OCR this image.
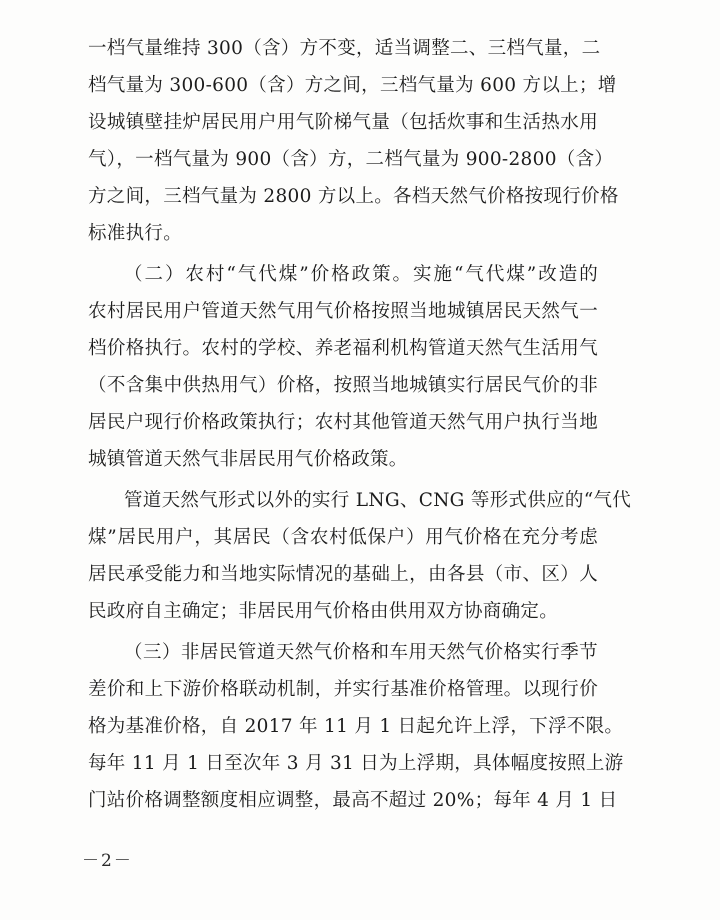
一档气量维持 300（含）方不变，适当调整二、三档气量，二
档气量为 300-600（含）方之间，三档气量为 600 方以上；增
设城镇壁挂炉居民用户用气阶梯气量（包括炊事和生活热水用
气），一档气量为 900（含）方，二档气量为 900-2800（含）
方之间，三档气量为 2800 方以上。各档天然气价格按现行价格
标准执行。
（二）农村“气代煤”价格政策。实施“气代煤”改造的
农村居民用户管道天然气用气价格按照当地城镇居民天然气一
档价格执行。农村的学校、养老福利机构管道天然气生活用气
（不含集中供热用气）价格，按照当地城镇实行居民气价的非
居民户现行价格政策执行；农村其他管道天然气用户执行当地
城镇管道天然气非居民用气价格政策。
管道天然气形式以外的实行 LNG、CNG 等形式供应的“气代
煤”居民用户，其居民（含农村低保户）用气价格在充分考虑
居民承受能力和当地实际情况的基础上，由各县（市、区）人
民政府自主确定；非居民用气价格由供用双方协商确定。
（三）非居民管道天然气价格和车用天然气价格实行季节
差价和上下游价格联动机制，并实行基准价格管理。以现行价
格为基准价格，自 2017 年 11 月 1 日起允许上浮，下浮不限。
每年 11 月 1 日至次年 3 月 31 日为上浮期，具体幅度按照上游
门站价格调整额度相应调整，最高不超过 20%；每年 4 月 1 日
－2－
